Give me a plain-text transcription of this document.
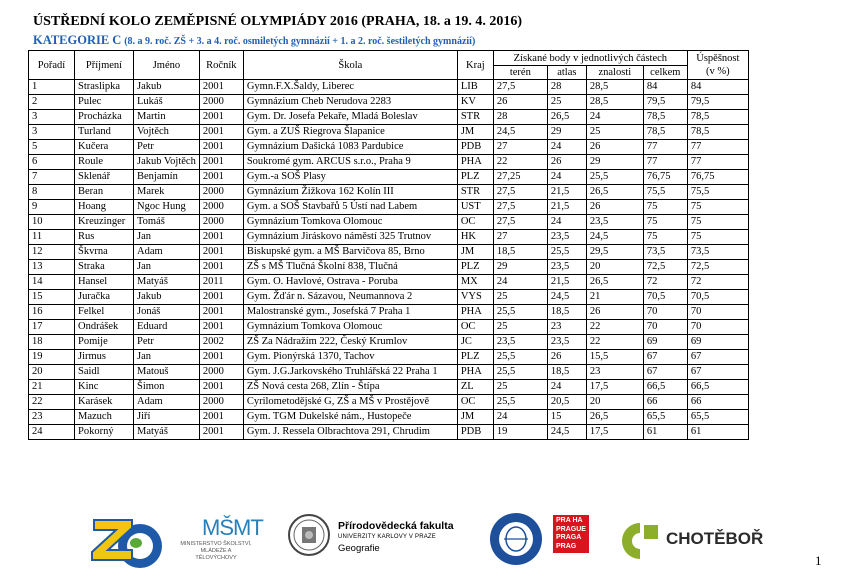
ÚSTŘEDNÍ KOLO ZEMĚPISNÉ OLYMPIÁDY 2016 (PRAHA, 18. a 19. 4. 2016)
KATEGORIE C (8. a 9. roč. ZŠ + 3. a 4. roč. osmiletých gymnázií + 1. a 2. roč. šestiletých gymnázií)
Pořadí	Příjmení	Jméno	Ročník	Škola	Kraj	Získané body v jednotlivých částech				Úspěšnost
(v %)

						terén	atlas	znalosti	celkem	
1	Straslipka	Jakub	2001	Gymn.F.X.Šaldy, Liberec	LIB	27,5	28	28,5	84	84
2	Pulec	Lukáš	2000	Gymnázium Cheb Nerudova 2283	KV	26	25	28,5	79,5	79,5
3	Procházka	Martin	2001	Gym. Dr. Josefa Pekaře, Mladá Boleslav	STR	28	26,5	24	78,5	78,5
3	Turland	Vojtěch	2001	Gym. a ZUŠ Riegrova Šlapanice	JM	24,5	29	25	78,5	78,5
5	Kučera	Petr	2001	Gymnázium Dašická 1083 Pardubice	PDB	27	24	26	77	77
6	Roule	Jakub Vojtěch	2001	Soukromé gym. ARCUS s.r.o., Praha 9	PHA	22	26	29	77	77
7	Sklenář	Benjamín	2001	Gym.-a SOŠ Plasy	PLZ	27,25	24	25,5	76,75	76,75
8	Beran	Marek	2000	Gymnázium Žižkova 162 Kolín III	STR	27,5	21,5	26,5	75,5	75,5
9	Hoang	Ngoc Hung	2000	Gym. a SOŠ Stavbařů 5 Ústí nad Labem	UST	27,5	21,5	26	75	75
10	Kreuzinger	Tomáš	2000	Gymnázium Tomkova Olomouc	OC	27,5	24	23,5	75	75
11	Rus	Jan	2001	Gymnázium Jiráskovo náměstí 325 Trutnov	HK	27	23,5	24,5	75	75
12	Škvrna	Adam	2001	Biskupské gym. a MŠ Barvičova 85, Brno	JM	18,5	25,5	29,5	73,5	73,5
13	Straka	Jan	2001	ZŠ s MŠ Tlučná Školní 838, Tlučná	PLZ	29	23,5	20	72,5	72,5
14	Hansel	Matyáš	2011	Gym. O. Havlové, Ostrava - Poruba	MX	24	21,5	26,5	72	72
15	Juračka	Jakub	2001	Gym. Žďár n. Sázavou, Neumannova 2	VYS	25	24,5	21	70,5	70,5
16	Felkel	Jonáš	2001	Malostranské gym., Josefská 7 Praha 1	PHA	25,5	18,5	26	70	70
17	Ondrášek	Eduard	2001	Gymnázium Tomkova Olomouc	OC	25	23	22	70	70
18	Pomije	Petr	2002	ZŠ Za Nádražím 222, Český Krumlov	JC	23,5	23,5	22	69	69
19	Jirmus	Jan	2001	Gym. Pionýrská 1370, Tachov	PLZ	25,5	26	15,5	67	67
20	Saidl	Matouš	2000	Gym. J.G.Jarkovského Truhlářská 22 Praha 1	PHA	25,5	18,5	23	67	67
21	Kinc	Šimon	2001	ZŠ Nová cesta 268, Zlín - Štípa	ZL	25	24	17,5	66,5	66,5
22	Karásek	Adam	2000	Cyrilometodějské G, ZŠ a MŠ v Prostějově	OC	25,5	20,5	20	66	66
23	Mazuch	Jiří	2001	Gym. TGM Dukelské nám., Hustopeče	JM	24	15	26,5	65,5	65,5
24	Pokorný	Matyáš	2001	Gym. J. Ressela Olbrachtova 291, Chrudim	PDB	19	24,5	17,5	61	61
MŠMT
MINISTERSTVO ŠKOLSTVÍ,
MLÁDEŽE A TĚLOVÝCHOVY
Přírodovědecká fakulta
UNIVERZITY KARLOVY V PRAZE
Geografie
PRA HA
PRAGUE
PRAGA
PRAG	CHOTĚBOŘ
1
